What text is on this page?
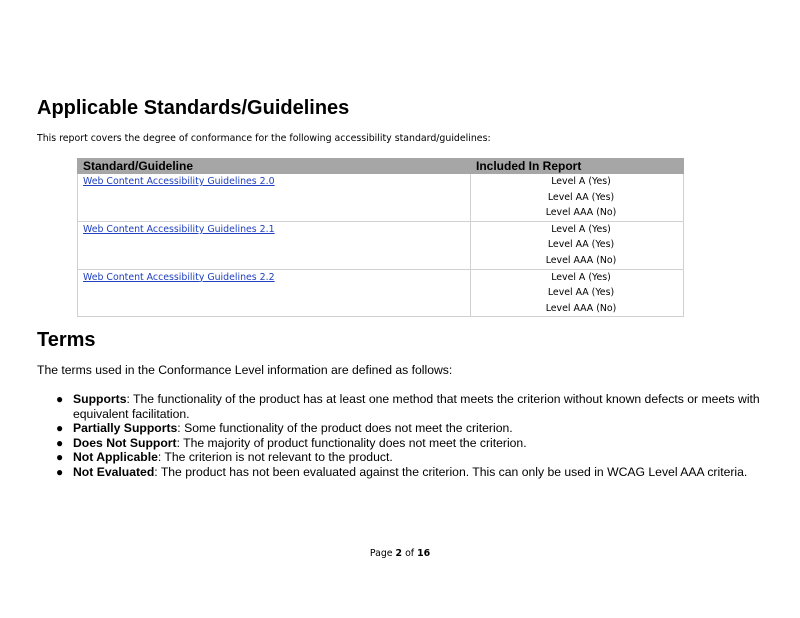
Applicable Standards/Guidelines

This report covers the degree of conformance for the following accessibility standard/guidelines:

Standard/Guideline	Included In Report
Web Content Accessibility Guidelines 2.0	Level A (Yes)
Level AA (Yes)
Level AAA (No)

Web Content Accessibility Guidelines 2.1	Level A (Yes)
Level AA (Yes)
Level AAA (No)

Web Content Accessibility Guidelines 2.2	Level A (Yes)
Level AA (Yes)
Level AAA (No)
Terms

The terms used in the Conformance Level information are defined as follows:

● Supports: The functionality of the product has at least one method that meets the criterion without known defects or meets with equivalent facilitation.
● Partially Supports: Some functionality of the product does not meet the criterion.
● Does Not Support: The majority of product functionality does not meet the criterion.
● Not Applicable: The criterion is not relevant to the product.
● Not Evaluated: The product has not been evaluated against the criterion. This can only be used in WCAG Level AAA criteria.
Page 2 of 16
